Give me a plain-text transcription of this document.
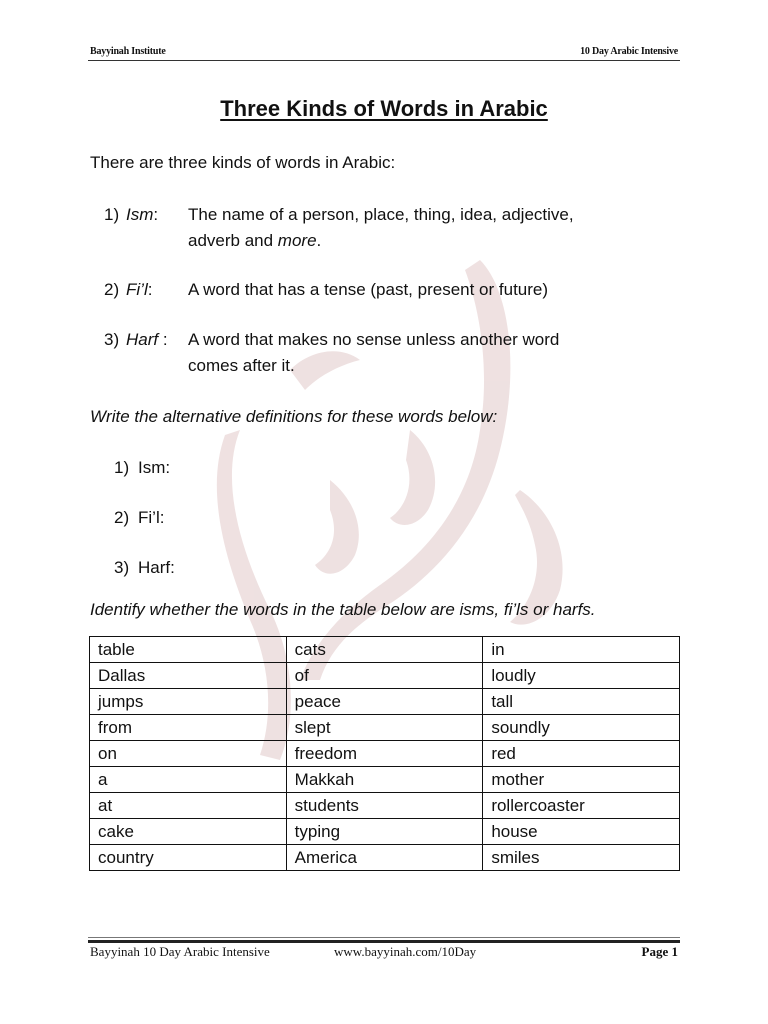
Bayyinah Institute	10 Day Arabic Intensive
Three Kinds of Words in Arabic
There are three kinds of words in Arabic:
1) Ism: The name of a person, place, thing, idea, adjective,
adverb and more.
2) Fi’l: A word that has a tense (past, present or future)
3) Harf : A word that makes no sense unless another word
comes after it.
Write the alternative definitions for these words below:
1) Ism:
2) Fi’l:
3) Harf:
Identify whether the words in the table below are isms, fi’ls or harfs.
table	cats	in
Dallas	of	loudly
jumps	peace	tall
from	slept	soundly
on	freedom	red
a	Makkah	mother
at	students	rollercoaster
cake	typing	house
country	America	smiles
Bayyinah 10 Day Arabic Intensive	www.bayyinah.com/10Day	Page 1
